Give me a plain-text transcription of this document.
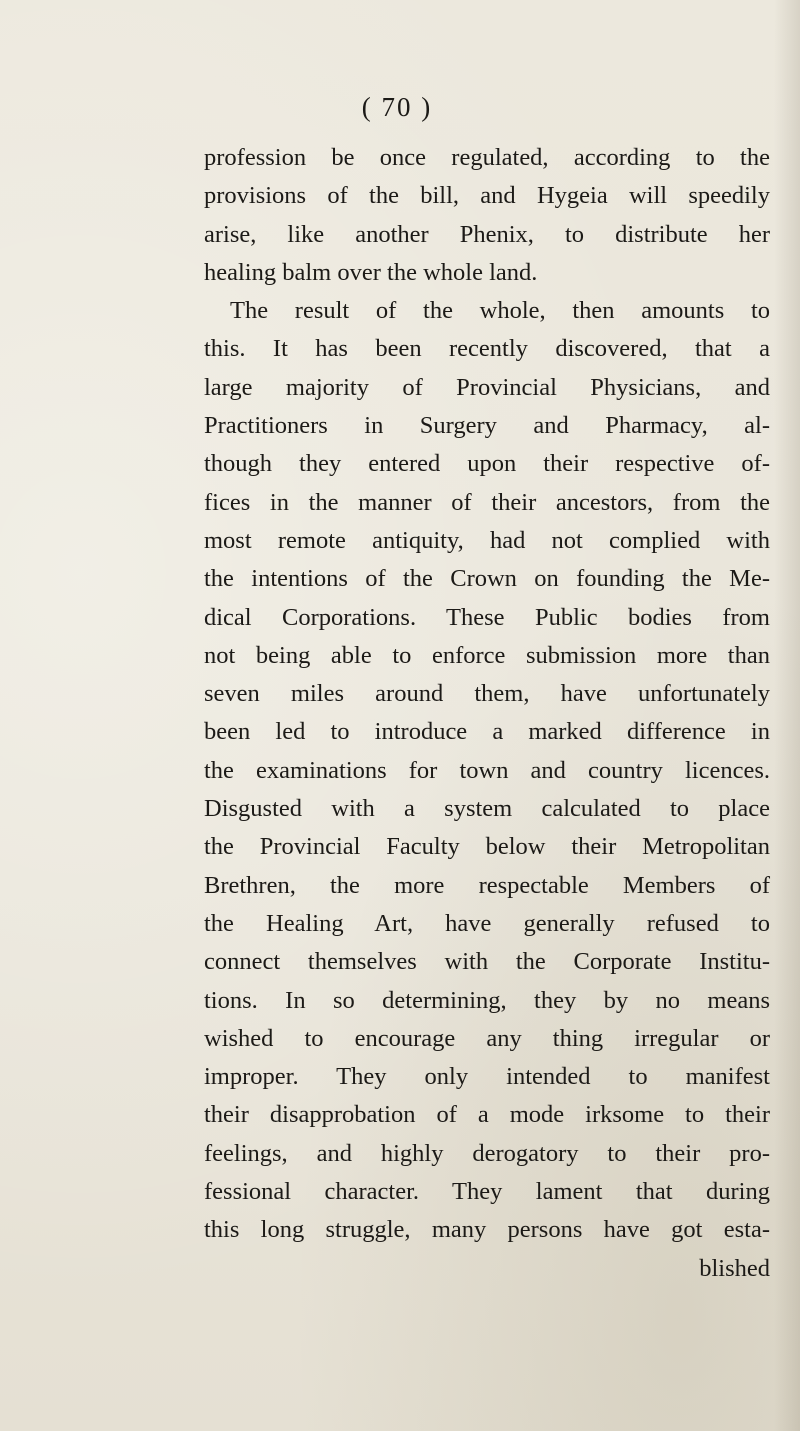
( 70 )
profession be once regulated, according to the
provisions of the bill, and Hygeia will speedily
arise, like another Phenix, to distribute her
healing balm over the whole land.
The result of the whole, then amounts to
this. It has been recently discovered, that a
large majority of Provincial Physicians, and
Practitioners in Surgery and Pharmacy, al-
though they entered upon their respective of-
fices in the manner of their ancestors, from the
most remote antiquity, had not complied with
the intentions of the Crown on founding the Me-
dical Corporations. These Public bodies from
not being able to enforce submission more than
seven miles around them, have unfortunately
been led to introduce a marked difference in
the examinations for town and country licences.
Disgusted with a system calculated to place
the Provincial Faculty below their Metropolitan
Brethren, the more respectable Members of
the Healing Art, have generally refused to
connect themselves with the Corporate Institu-
tions. In so determining, they by no means
wished to encourage any thing irregular or
improper. They only intended to manifest
their disapprobation of a mode irksome to their
feelings, and highly derogatory to their pro-
fessional character. They lament that during
this long struggle, many persons have got esta-
blished
